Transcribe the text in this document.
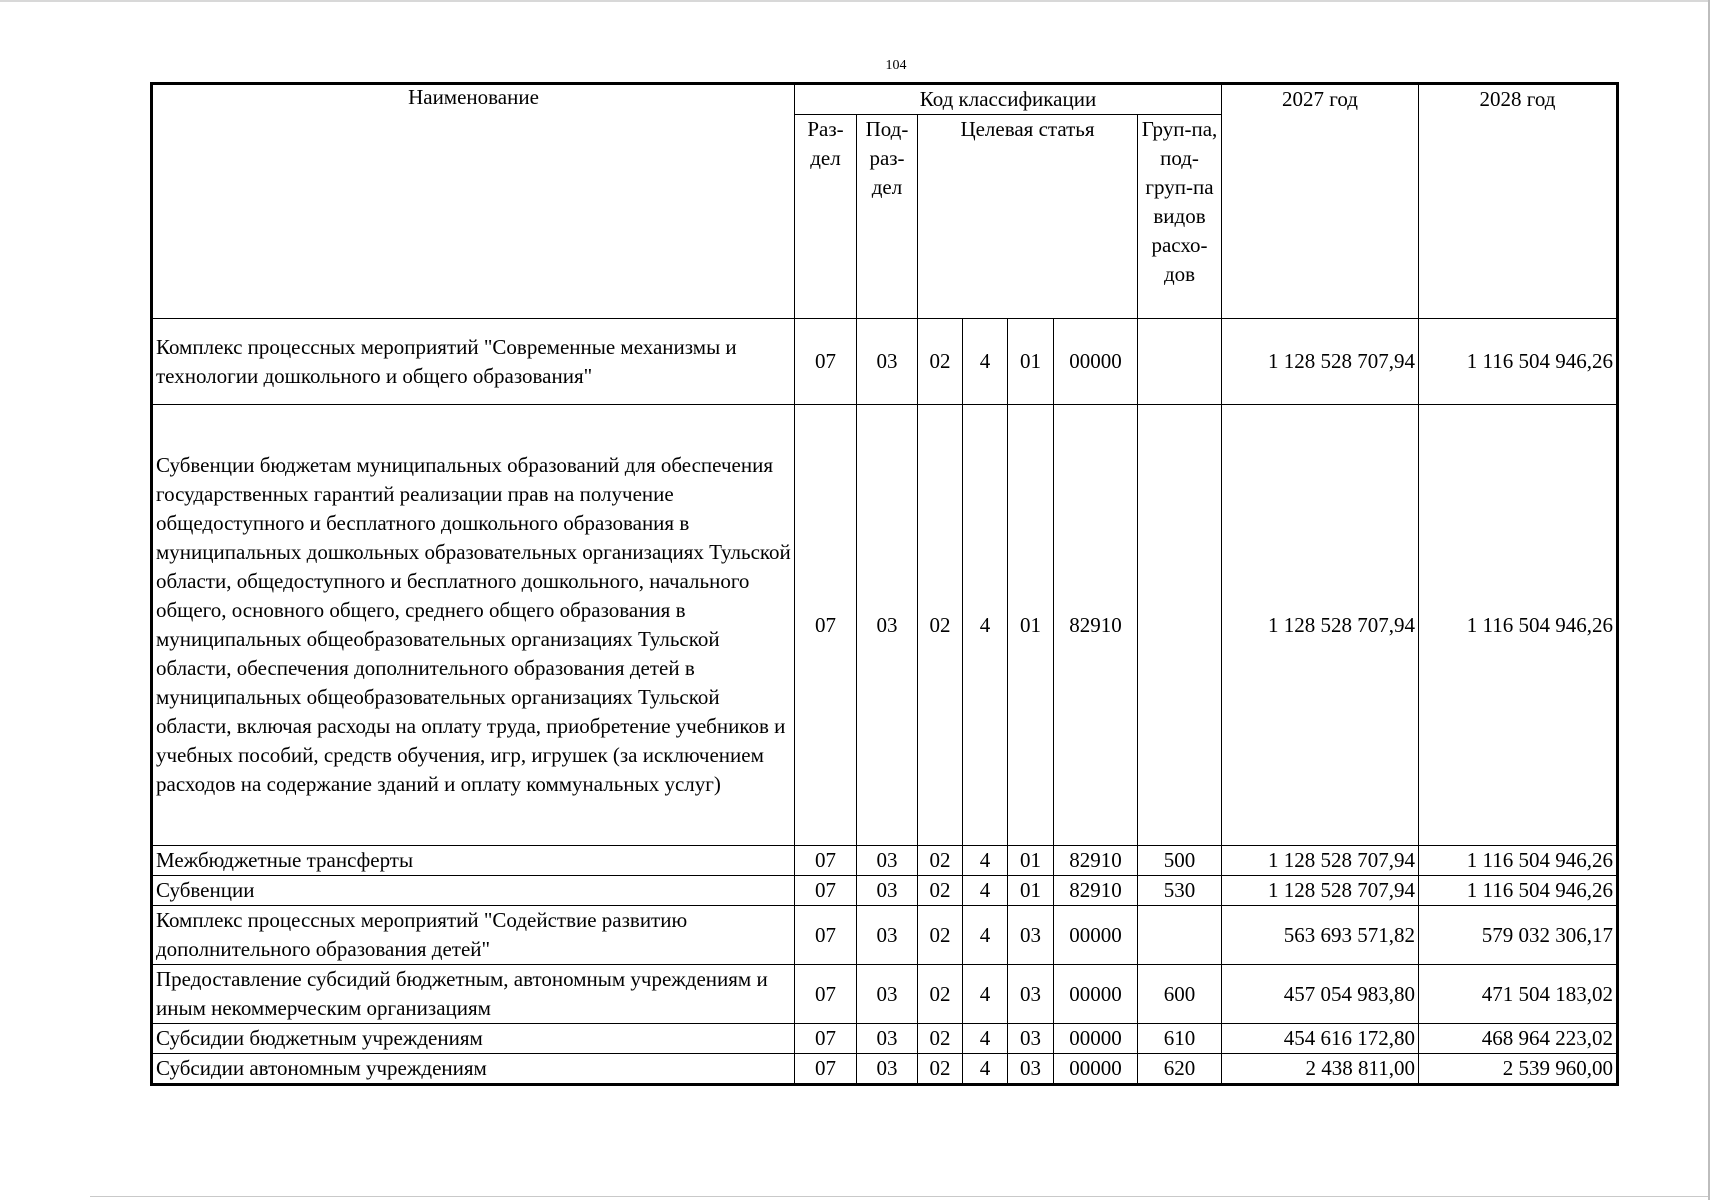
104
Наименование	Код классификации							2027 год	2028 год
	Раз-дел	Под-раз-дел	Целевая статья				Груп-па, под-груп-па видов расхо-дов		
Комплекс процессных мероприятий "Современные механизмы и технологии дошкольного и общего образования"	07	03	02	4	01	00000		1 128 528 707,94	1 116 504 946,26
Субвенции бюджетам муниципальных образований для обеспечения государственных гарантий реализации прав на получение общедоступного и бесплатного дошкольного образования в муниципальных дошкольных образовательных организациях Тульской области, общедоступного и бесплатного дошкольного, начального общего, основного общего, среднего общего образования в муниципальных общеобразовательных организациях Тульской области, обеспечения дополнительного образования детей в муниципальных общеобразовательных организациях Тульской области, включая расходы на оплату труда, приобретение учебников и учебных пособий, средств обучения, игр, игрушек (за исключением расходов на содержание зданий и оплату коммунальных услуг)	07	03	02	4	01	82910		1 128 528 707,94	1 116 504 946,26
Межбюджетные трансферты	07	03	02	4	01	82910	500	1 128 528 707,94	1 116 504 946,26
Субвенции	07	03	02	4	01	82910	530	1 128 528 707,94	1 116 504 946,26
Комплекс процессных мероприятий "Содействие развитию дополнительного образования детей"	07	03	02	4	03	00000		563 693 571,82	579 032 306,17
Предоставление субсидий бюджетным, автономным учреждениям и иным некоммерческим организациям	07	03	02	4	03	00000	600	457 054 983,80	471 504 183,02
Субсидии бюджетным учреждениям	07	03	02	4	03	00000	610	454 616 172,80	468 964 223,02
Субсидии автономным учреждениям	07	03	02	4	03	00000	620	2 438 811,00	2 539 960,00
